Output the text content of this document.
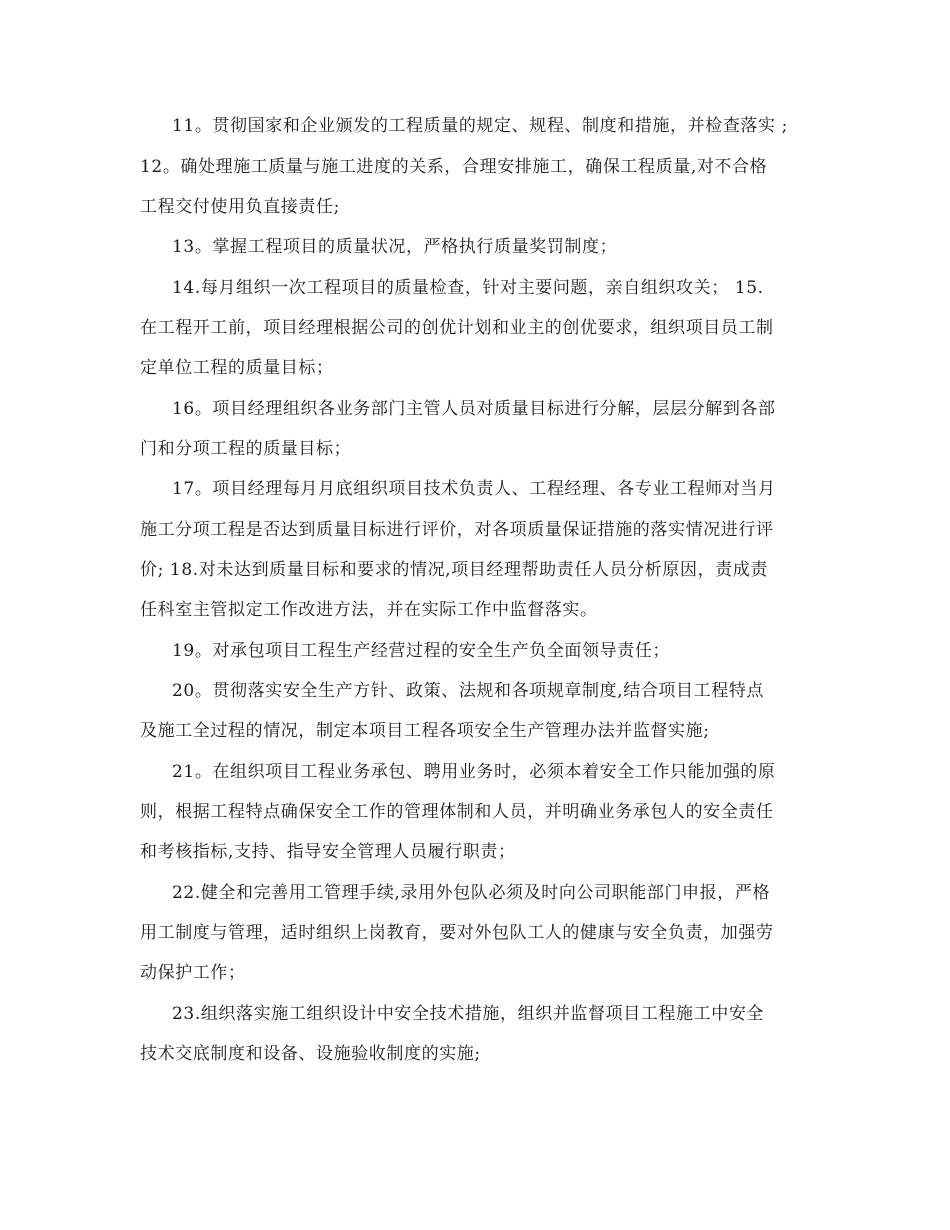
11。贯彻国家和企业颁发的工程质量的规定、规程、制度和措施，并检查落实 ;
12。确处理施工质量与施工进度的关系，合理安排施工，确保工程质量,对不合格
工程交付使用负直接责任;
13。掌握工程项目的质量状况，严格执行质量奖罚制度；
14.每月组织一次工程项目的质量检查，针对主要问题，亲自组织攻关； 15.
在工程开工前，项目经理根据公司的创优计划和业主的创优要求，组织项目员工制
定单位工程的质量目标；
16。项目经理组织各业务部门主管人员对质量目标进行分解，层层分解到各部
门和分项工程的质量目标；
17。项目经理每月月底组织项目技术负责人、工程经理、各专业工程师对当月
施工分项工程是否达到质量目标进行评价，对各项质量保证措施的落实情况进行评
价; 18.对未达到质量目标和要求的情况,项目经理帮助责任人员分析原因，责成责
任科室主管拟定工作改进方法，并在实际工作中监督落实。
19。对承包项目工程生产经营过程的安全生产负全面领导责任；
20。贯彻落实安全生产方针、政策、法规和各项规章制度,结合项目工程特点
及施工全过程的情况，制定本项目工程各项安全生产管理办法并监督实施;
21。在组织项目工程业务承包、聘用业务时，必须本着安全工作只能加强的原
则，根据工程特点确保安全工作的管理体制和人员，并明确业务承包人的安全责任
和考核指标,支持、指导安全管理人员履行职责；
22.健全和完善用工管理手续,录用外包队必须及时向公司职能部门申报，严格
用工制度与管理，适时组织上岗教育，要对外包队工人的健康与安全负责，加强劳
动保护工作；
23.组织落实施工组织设计中安全技术措施，组织并监督项目工程施工中安全
技术交底制度和设备、设施验收制度的实施;
